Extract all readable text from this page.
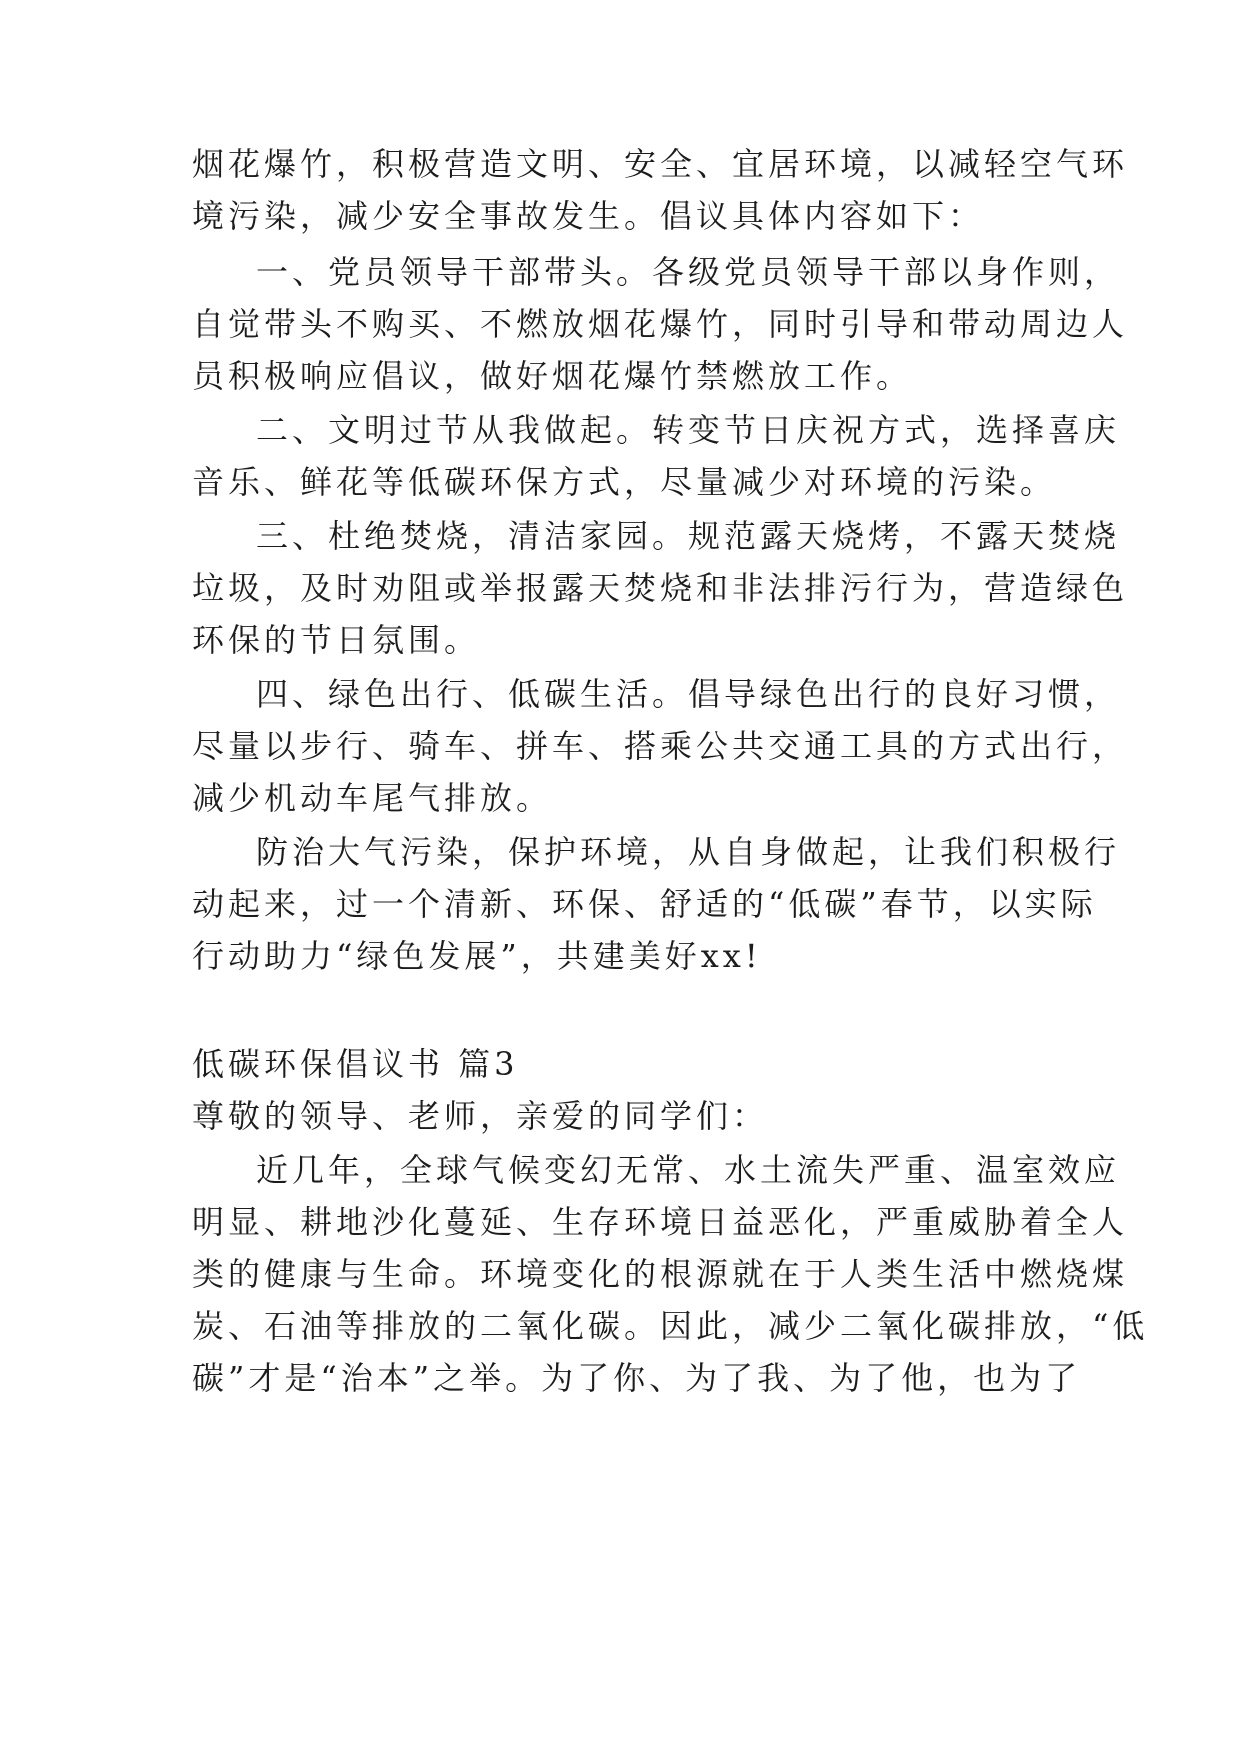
烟花爆竹，积极营造文明、安全、宜居环境，以减轻空气环
境污染，减少安全事故发生。倡议具体内容如下：
一、党员领导干部带头。各级党员领导干部以身作则，
自觉带头不购买、不燃放烟花爆竹，同时引导和带动周边人
员积极响应倡议，做好烟花爆竹禁燃放工作。
二、文明过节从我做起。转变节日庆祝方式，选择喜庆
音乐、鲜花等低碳环保方式，尽量减少对环境的污染。
三、杜绝焚烧，清洁家园。规范露天烧烤，不露天焚烧
垃圾，及时劝阻或举报露天焚烧和非法排污行为，营造绿色
环保的节日氛围。
四、绿色出行、低碳生活。倡导绿色出行的良好习惯，
尽量以步行、骑车、拼车、搭乘公共交通工具的方式出行，
减少机动车尾气排放。
防治大气污染，保护环境，从自身做起，让我们积极行
动起来，过一个清新、环保、舒适的“低碳”春节，以实际
行动助力“绿色发展”，共建美好xx!
低碳环保倡议书 篇3
尊敬的领导、老师，亲爱的同学们：
近几年，全球气候变幻无常、水土流失严重、温室效应
明显、耕地沙化蔓延、生存环境日益恶化，严重威胁着全人
类的健康与生命。环境变化的根源就在于人类生活中燃烧煤
炭、石油等排放的二氧化碳。因此，减少二氧化碳排放，“低
碳”才是“治本”之举。为了你、为了我、为了他，也为了
